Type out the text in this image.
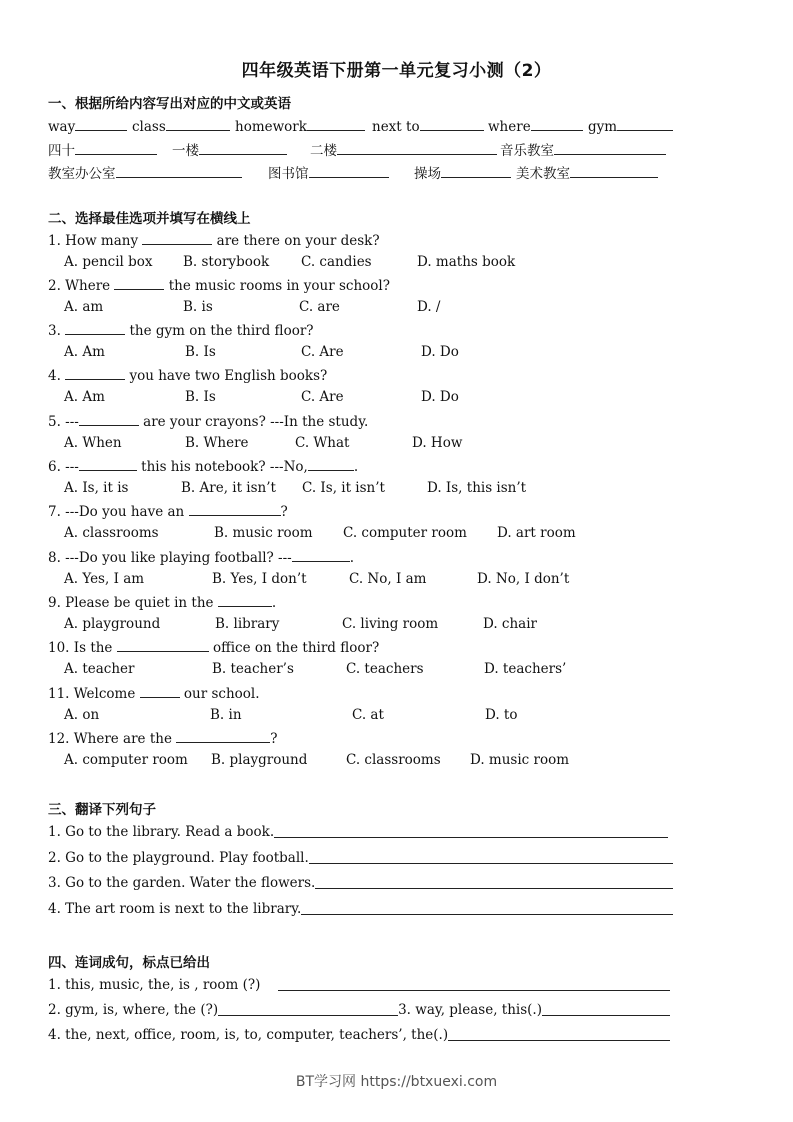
四年级英语下册第一单元复习小测（2）
一、根据所给内容写出对应的中文或英语
way	class	homework	next to	where	gym
四十	一楼	二楼	音乐教室
教室办公室	图书馆	操场	美术教室
二、选择最佳选项并填写在横线上
1. How many	are there on your desk?
A. pencil box B. storybook C. candies	D. maths book
2. Where	the music rooms in your school?
A. am	B. is	C. are	D. /
3.	the gym on the third floor?
A. Am	B. Is	C. Are	D. Do
4.	you have two English books?
A. Am	B. Is	C. Are	D. Do
5. ---	are your crayons? ---In the study.
A. When	B. Where	C. What	D. How
6. ---	this his notebook? ---No,	.
A. Is, it is	B. Are, it isn’t C. Is, it isn’t	D. Is, this isn’t
7. ---Do you have an	?
A. classrooms	B. music room C. computer room D. art room
8. ---Do you like playing football? ---	.
A. Yes, I am	B. Yes, I don’t	C. No, I am	D. No, I don’t
9. Please be quiet in the	.
A. playground	B. library	C. living room	D. chair
10. Is the	office on the third floor?
A. teacher	B. teacher’s	C. teachers	D. teachers’
11. Welcome	our school.
A. on	B. in	C. at	D. to
12. Where are the	?
A. computer room B. playground	C. classrooms D. music room
三、翻译下列句子
1. Go to the library. Read a book.
2. Go to the playground. Play football.
3. Go to the garden. Water the flowers.
4. The art room is next to the library.
四、连词成句，标点已给出
1. this, music, the, is , room (?)
2. gym, is, where, the (?)	3. way, please, this(.)
4. the, next, office, room, is, to, computer, teachers’, the(.)
BT学习网 https://btxuexi.com
